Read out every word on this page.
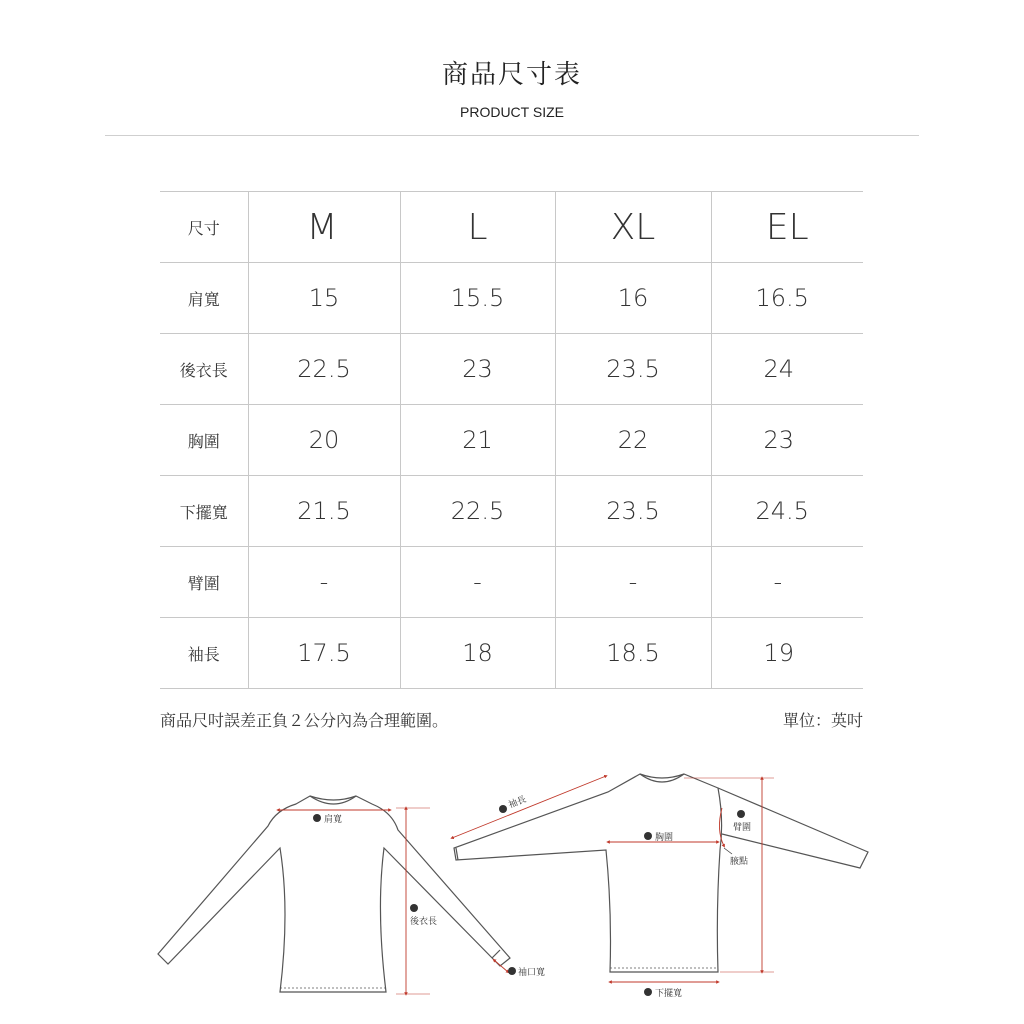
商品尺寸表
PRODUCT SIZE
尺寸	M	L	XL	EL
肩寬	15	15.5	16	16.5
後衣長	22.5	23	23.5	24
胸圍	20	21	22	23
下擺寬	21.5	22.5	23.5	24.5
臂圍	-	-	-	-
袖長	17.5	18	18.5	19
商品尺吋誤差正負２公分內為合理範圍。	單位：英吋
1 肩寬
2
後衣長
5 袖口寬
6 袖長
3 胸圍
7
臂圍
腋點
4 下擺寬
